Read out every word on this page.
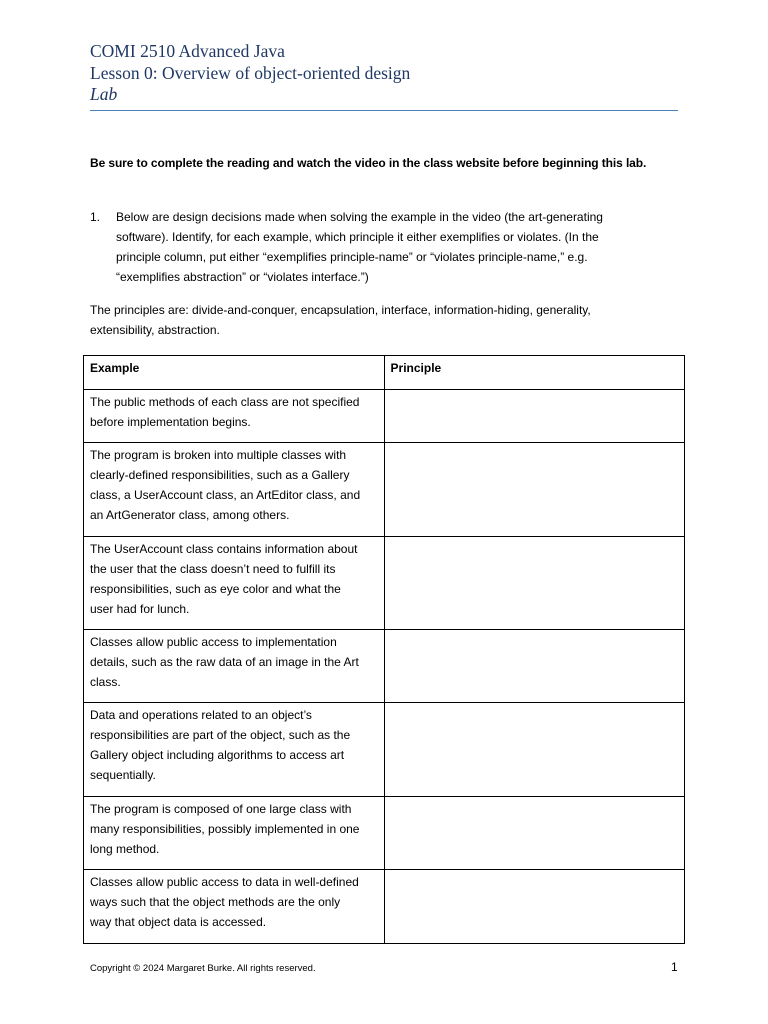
COMI 2510 Advanced Java
Lesson 0: Overview of object-oriented design
Lab
Be sure to complete the reading and watch the video in the class website before beginning this lab.
1.	Below are design decisions made when solving the example in the video (the art-generating
software). Identify, for each example, which principle it either exemplifies or violates. (In the
principle column, put either “exemplifies principle-name” or “violates principle-name,” e.g.
“exemplifies abstraction” or “violates interface.”)
The principles are: divide-and-conquer, encapsulation, interface, information-hiding, generality,
extensibility, abstraction.
Example	Principle

The public methods of each class are not specified
before implementation begins.	

The program is broken into multiple classes with
clearly-defined responsibilities, such as a Gallery
class, a UserAccount class, an ArtEditor class, and
an ArtGenerator class, among others.	

The UserAccount class contains information about
the user that the class doesn’t need to fulfill its
responsibilities, such as eye color and what the
user had for lunch.	

Classes allow public access to implementation
details, such as the raw data of an image in the Art
class.	

Data and operations related to an object’s
responsibilities are part of the object, such as the
Gallery object including algorithms to access art
sequentially.	

The program is composed of one large class with
many responsibilities, possibly implemented in one
long method.	

Classes allow public access to data in well-defined
ways such that the object methods are the only
way that object data is accessed.	

Copyright © 2024 Margaret Burke. All rights reserved.	1
